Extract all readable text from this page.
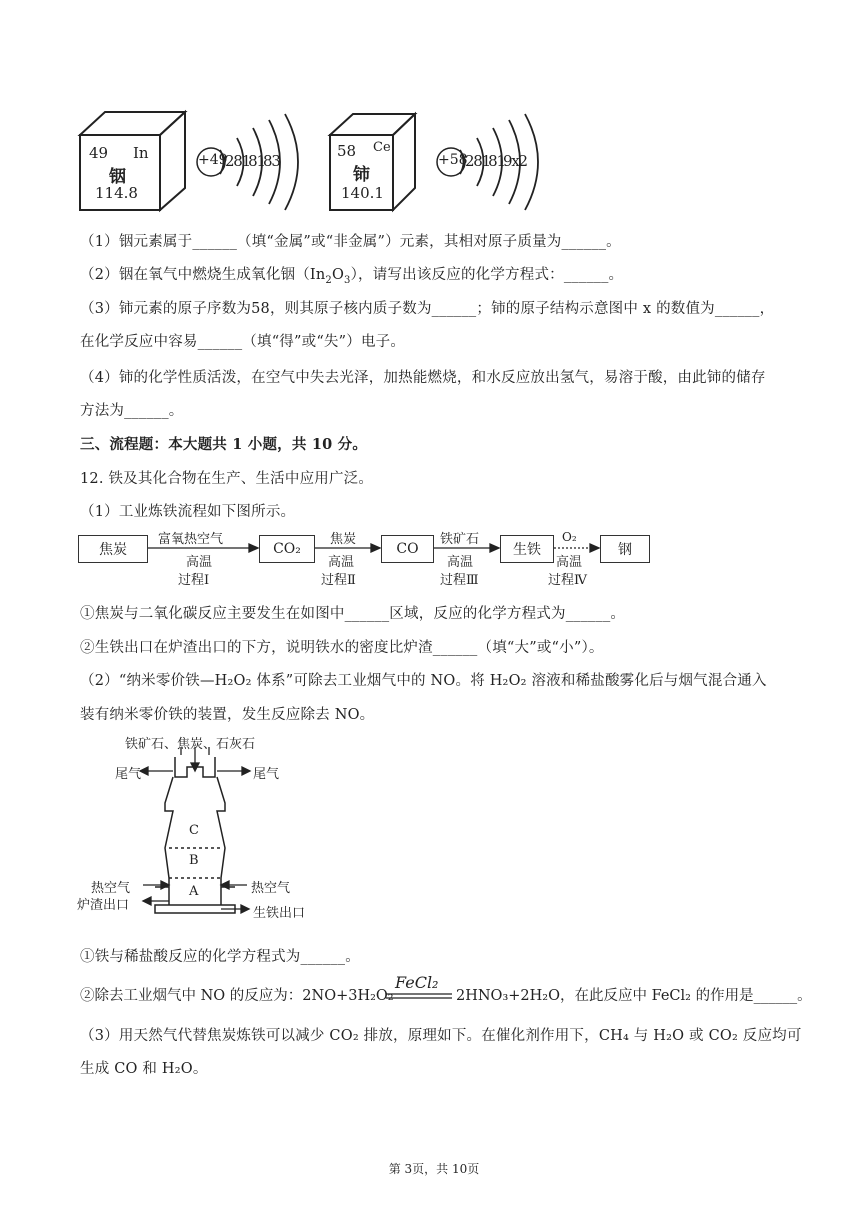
49 In
铟
114.8
+49
2 8 18 18 3
58 Ce
铈
140.1
+58
2 8 18 19 x 2
（1）铟元素属于______（填“金属”或“非金属”）元素，其相对原子质量为______。
（2）铟在氧气中燃烧生成氧化铟$(In_2O_3)$，请写出该反应的化学方程式：______。
（3）铈元素的原子序数为58，则其原子核内质子数为______；铈的原子结构示意图中 x 的数值为______，
在化学反应中容易______（填“得”或“失”）电子。
（4）铈的化学性质活泼，在空气中失去光泽，加热能燃烧，和水反应放出氢气，易溶于酸，由此铈的储存
方法为______。
三、流程题：本大题共 1 小题，共 10 分。
12. 铁及其化合物在生产、生活中应用广泛。
（1）工业炼铁流程如下图所示。
焦炭	CO₂	CO	生铁	钢
富氧热空气	焦炭	铁矿石	O₂
高温	高温	高温	高温
过程Ⅰ	过程Ⅱ	过程Ⅲ	过程Ⅳ
①焦炭与二氧化碳反应主要发生在如图中______区域，反应的化学方程式为______。
②生铁出口在炉渣出口的下方，说明铁水的密度比炉渣______（填“大”或“小”）。
（2）“纳米零价铁—H₂O₂ 体系”可除去工业烟气中的 NO。将 H₂O₂ 溶液和稀盐酸雾化后与烟气混合通入
装有纳米零价铁的装置，发生反应除去 NO。
铁矿石、焦炭、石灰石
尾气	尾气
C
B
A
热空气	热空气
炉渣出口
生铁出口
①铁与稀盐酸反应的化学方程式为______。
②除去工业烟气中 NO 的反应为：2NO+3H₂O₂
FeCl₂
2HNO₃+2H₂O，在此反应中 FeCl₂ 的作用是______。
（3）用天然气代替焦炭炼铁可以减少 CO₂ 排放，原理如下。在催化剂作用下，CH₄ 与 H₂O 或 CO₂ 反应均可
生成 CO 和 H₂O。
第 3页，共 10页
